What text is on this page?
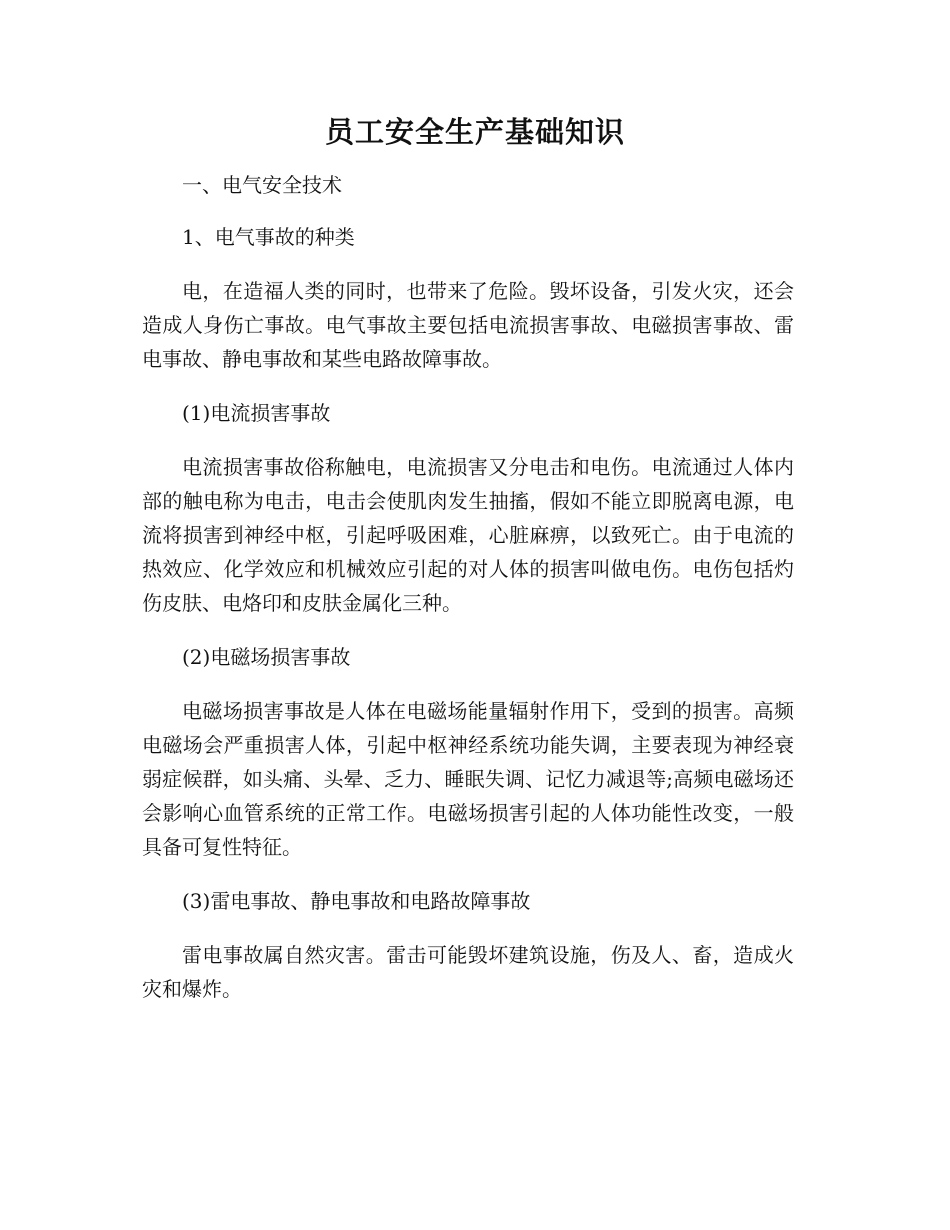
员工安全生产基础知识

一、电气安全技术

1、电气事故的种类

电，在造福人类的同时，也带来了危险。毁坏设备，引发火灾，还会造成人身伤亡事故。电气事故主要包括电流损害事故、电磁损害事故、雷电事故、静电事故和某些电路故障事故。

(1)电流损害事故

电流损害事故俗称触电，电流损害又分电击和电伤。电流通过人体内部的触电称为电击，电击会使肌肉发生抽搐，假如不能立即脱离电源，电流将损害到神经中枢，引起呼吸困难，心脏麻痹，以致死亡。由于电流的热效应、化学效应和机械效应引起的对人体的损害叫做电伤。电伤包括灼伤皮肤、电烙印和皮肤金属化三种。

(2)电磁场损害事故

电磁场损害事故是人体在电磁场能量辐射作用下，受到的损害。高频电磁场会严重损害人体，引起中枢神经系统功能失调，主要表现为神经衰弱症候群，如头痛、头晕、乏力、睡眠失调、记忆力减退等;高频电磁场还会影响心血管系统的正常工作。电磁场损害引起的人体功能性改变，一般具备可复性特征。

(3)雷电事故、静电事故和电路故障事故

雷电事故属自然灾害。雷击可能毁坏建筑设施，伤及人、畜，造成火灾和爆炸。
